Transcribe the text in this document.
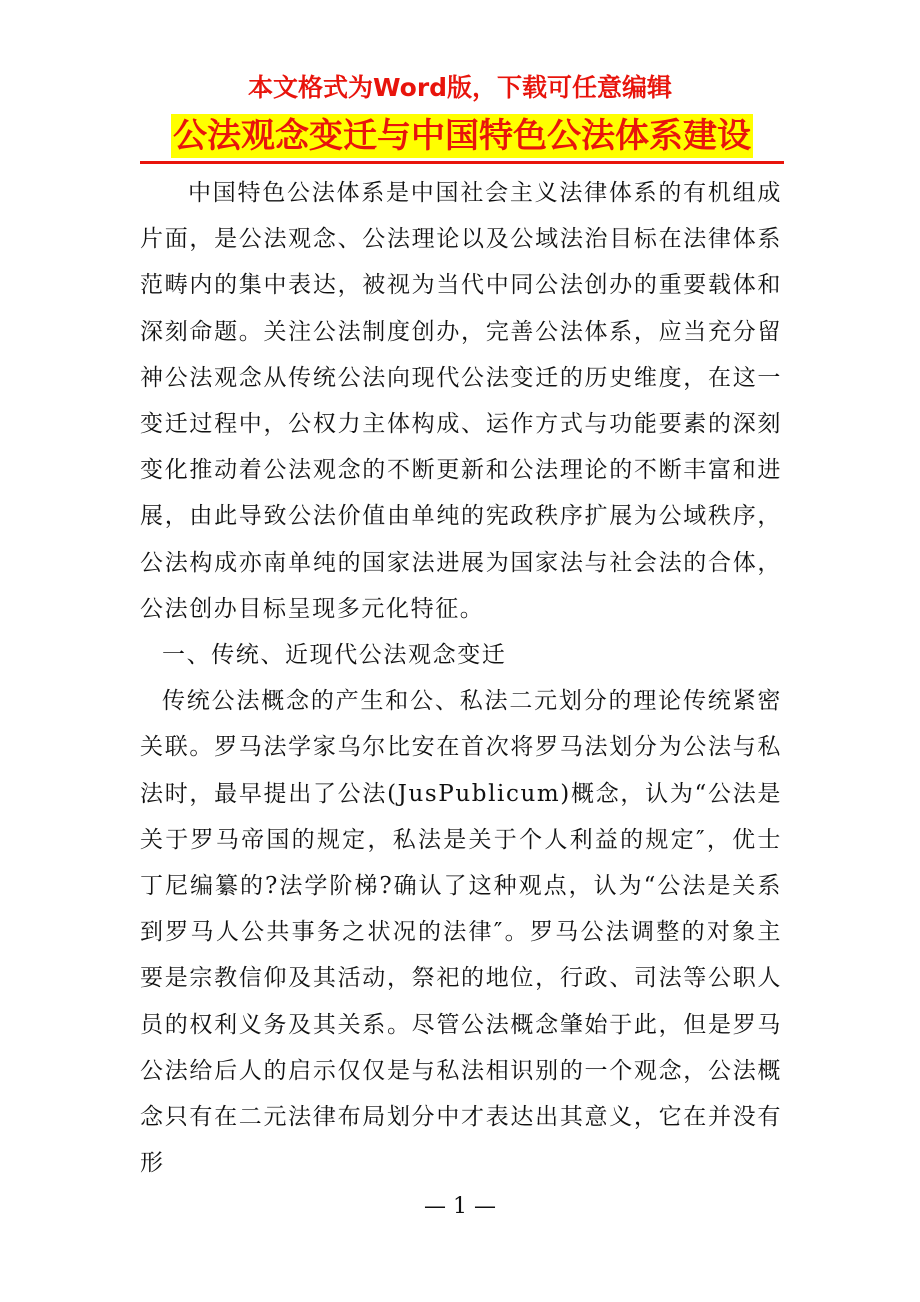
本文格式为Word版，下载可任意编辑
公法观念变迁与中国特色公法体系建设

中国特色公法体系是中国社会主义法律体系的有机组成片面，是公法观念、公法理论以及公域法治目标在法律体系范畴内的集中表达，被视为当代中同公法创办的重要载体和深刻命题。关注公法制度创办，完善公法体系，应当充分留神公法观念从传统公法向现代公法变迁的历史维度，在这一变迁过程中，公权力主体构成、运作方式与功能要素的深刻变化推动着公法观念的不断更新和公法理论的不断丰富和进展，由此导致公法价值由单纯的宪政秩序扩展为公域秩序，公法构成亦南单纯的国家法进展为国家法与社会法的合体，公法创办目标呈现多元化特征。

一、传统、近现代公法观念变迁

传统公法概念的产生和公、私法二元划分的理论传统紧密关联。罗马法学家乌尔比安在首次将罗马法划分为公法与私法时，最早提出了公法(JusPublicum)概念，认为“公法是关于罗马帝国的规定，私法是关于个人利益的规定″，优士丁尼编纂的?法学阶梯?确认了这种观点，认为“公法是关系到罗马人公共事务之状况的法律″。罗马公法调整的对象主要是宗教信仰及其活动，祭祀的地位，行政、司法等公职人员的权利义务及其关系。尽管公法概念肇始于此，但是罗马公法给后人的启示仅仅是与私法相识别的一个观念，公法概念只有在二元法律布局划分中才表达出其意义，它在并没有形

— 1 —
